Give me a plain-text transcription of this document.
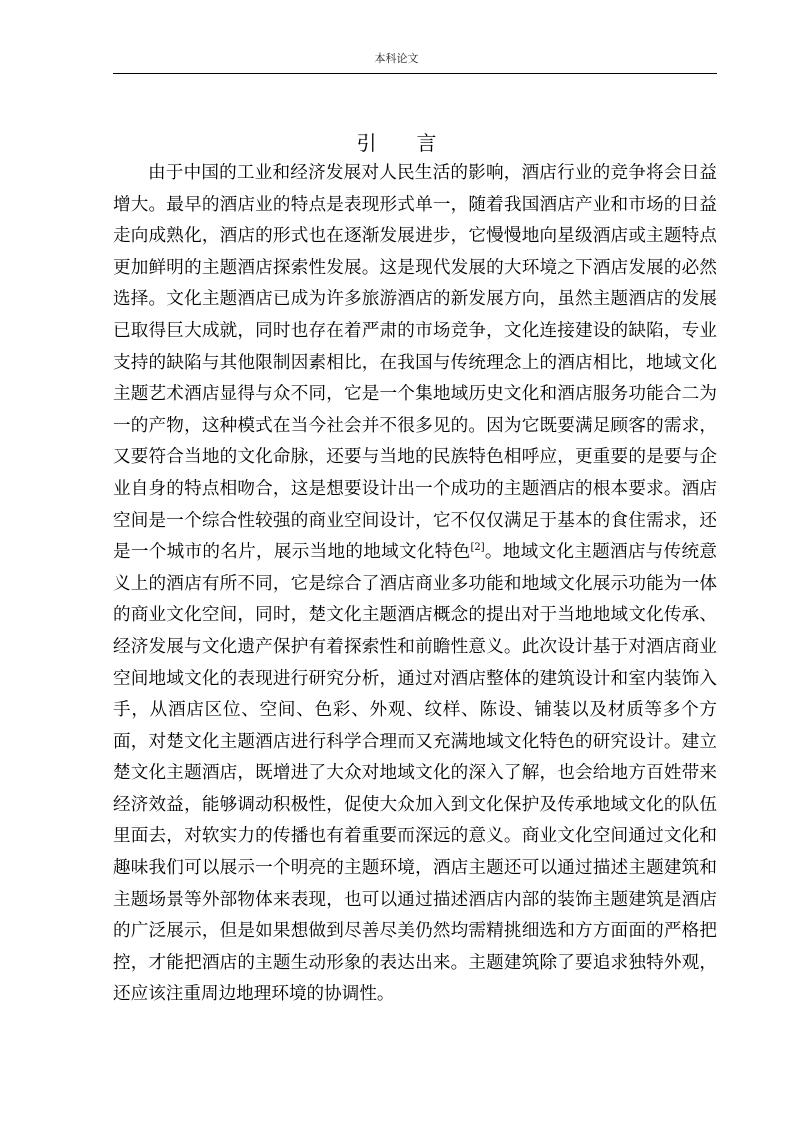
本科论文
引 言

由于中国的工业和经济发展对人民生活的影响，酒店行业的竞争将会日益增大。最早的酒店业的特点是表现形式单一，随着我国酒店产业和市场的日益走向成熟化，酒店的形式也在逐渐发展进步，它慢慢地向星级酒店或主题特点更加鲜明的主题酒店探索性发展。这是现代发展的大环境之下酒店发展的必然选择。文化主题酒店已成为许多旅游酒店的新发展方向，虽然主题酒店的发展已取得巨大成就，同时也存在着严肃的市场竞争，文化连接建设的缺陷，专业支持的缺陷与其他限制因素相比，在我国与传统理念上的酒店相比，地域文化主题艺术酒店显得与众不同，它是一个集地域历史文化和酒店服务功能合二为一的产物，这种模式在当今社会并不很多见的。因为它既要满足顾客的需求，又要符合当地的文化命脉，还要与当地的民族特色相呼应，更重要的是要与企业自身的特点相吻合，这是想要设计出一个成功的主题酒店的根本要求。酒店空间是一个综合性较强的商业空间设计，它不仅仅满足于基本的食住需求，还是一个城市的名片，展示当地的地域文化特色[2]。地域文化主题酒店与传统意义上的酒店有所不同，它是综合了酒店商业多功能和地域文化展示功能为一体的商业文化空间，同时，楚文化主题酒店概念的提出对于当地地域文化传承、经济发展与文化遗产保护有着探索性和前瞻性意义。此次设计基于对酒店商业空间地域文化的表现进行研究分析，通过对酒店整体的建筑设计和室内装饰入手，从酒店区位、空间、色彩、外观、纹样、陈设、铺装以及材质等多个方面，对楚文化主题酒店进行科学合理而又充满地域文化特色的研究设计。建立楚文化主题酒店，既增进了大众对地域文化的深入了解，也会给地方百姓带来经济效益，能够调动积极性，促使大众加入到文化保护及传承地域文化的队伍里面去，对软实力的传播也有着重要而深远的意义。商业文化空间通过文化和趣味我们可以展示一个明亮的主题环境，酒店主题还可以通过描述主题建筑和主题场景等外部物体来表现，也可以通过描述酒店内部的装饰主题建筑是酒店的广泛展示，但是如果想做到尽善尽美仍然均需精挑细选和方方面面的严格把控，才能把酒店的主题生动形象的表达出来。主题建筑除了要追求独特外观，还应该注重周边地理环境的协调性。
